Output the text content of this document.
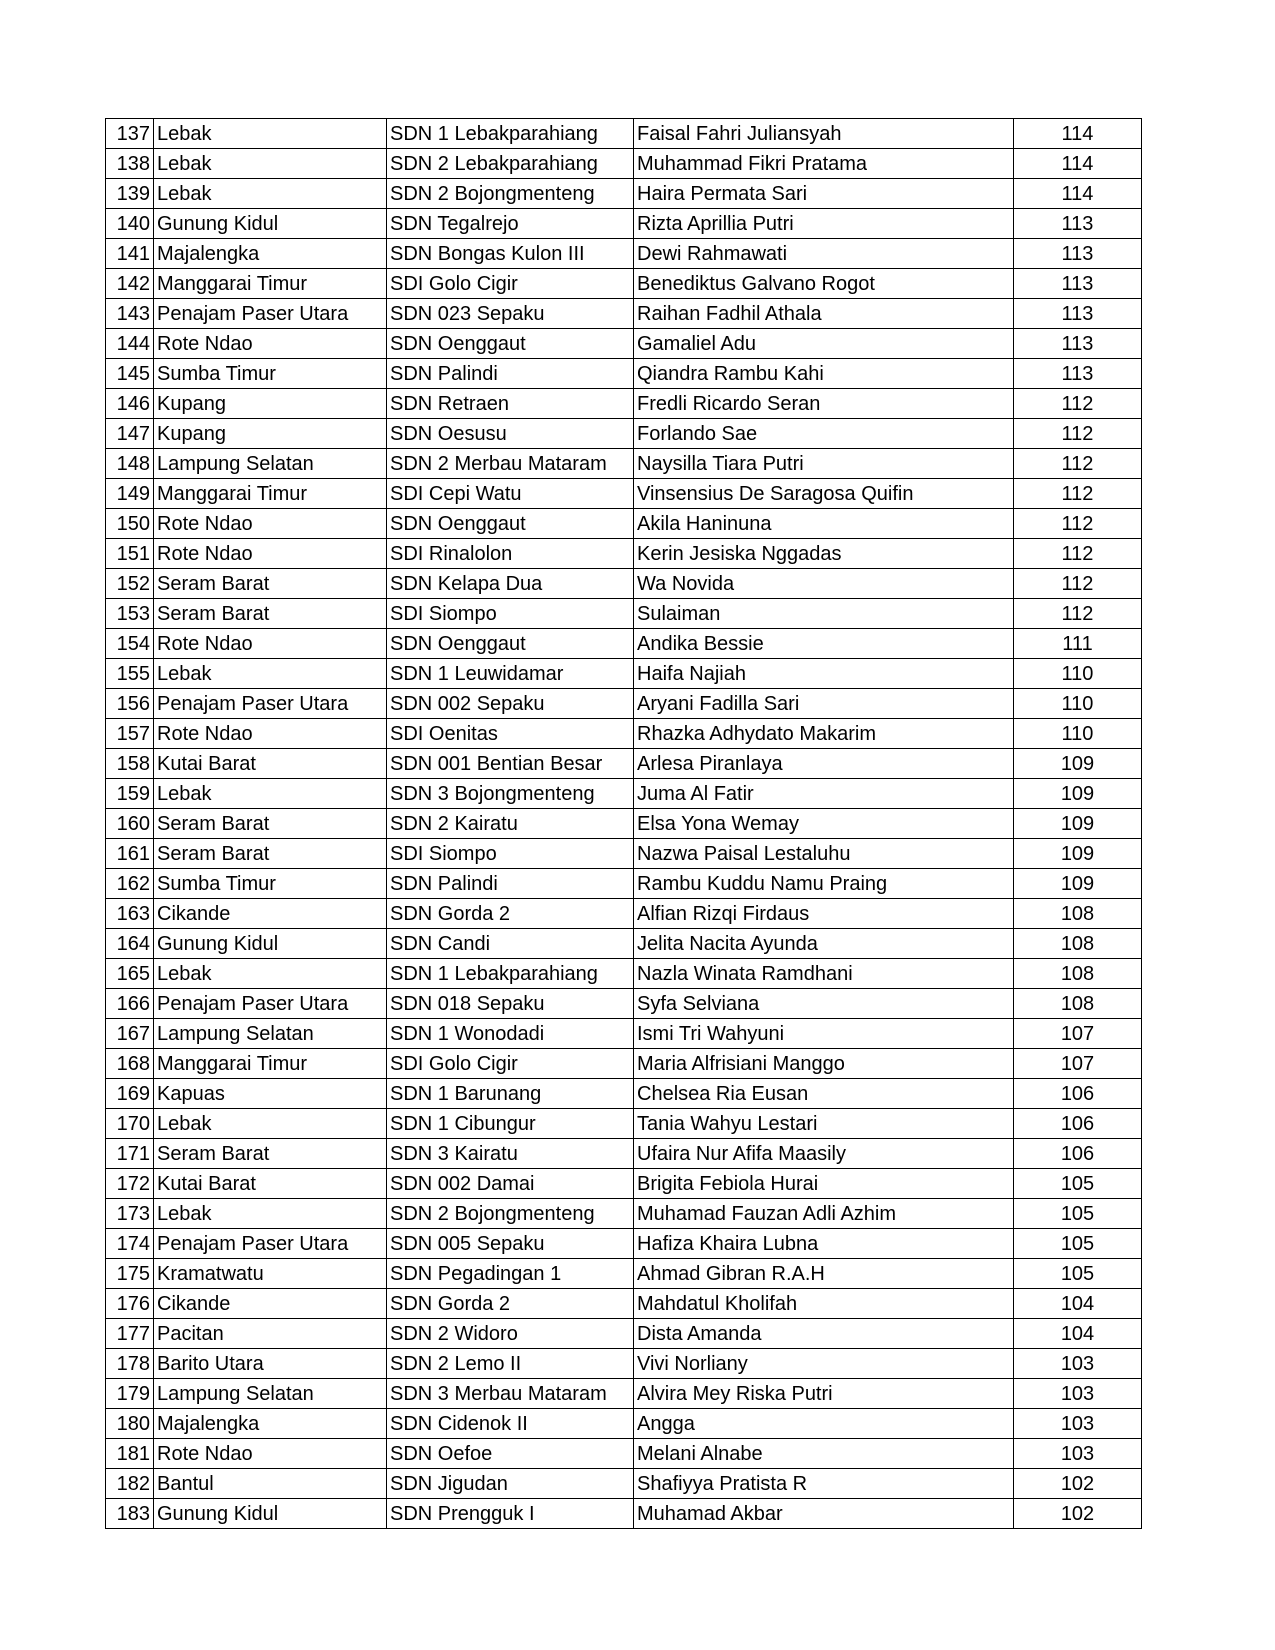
137	Lebak	SDN 1 Lebakparahiang	Faisal Fahri Juliansyah	114
138	Lebak	SDN 2 Lebakparahiang	Muhammad Fikri Pratama	114
139	Lebak	SDN 2 Bojongmenteng	Haira Permata Sari	114
140	Gunung Kidul	SDN Tegalrejo	Rizta Aprillia Putri	113
141	Majalengka	SDN Bongas Kulon III	Dewi Rahmawati	113
142	Manggarai Timur	SDI Golo Cigir	Benediktus Galvano Rogot	113
143	Penajam Paser Utara	SDN 023 Sepaku	Raihan Fadhil Athala	113
144	Rote Ndao	SDN Oenggaut	Gamaliel Adu	113
145	Sumba Timur	SDN Palindi	Qiandra Rambu Kahi	113
146	Kupang	SDN Retraen	Fredli Ricardo Seran	112
147	Kupang	SDN Oesusu	Forlando Sae	112
148	Lampung Selatan	SDN 2 Merbau Mataram	Naysilla Tiara Putri	112
149	Manggarai Timur	SDI Cepi Watu	Vinsensius De Saragosa Quifin	112
150	Rote Ndao	SDN Oenggaut	Akila Haninuna	112
151	Rote Ndao	SDI Rinalolon	Kerin Jesiska Nggadas	112
152	Seram Barat	SDN Kelapa Dua	Wa Novida	112
153	Seram Barat	SDI Siompo	Sulaiman	112
154	Rote Ndao	SDN Oenggaut	Andika Bessie	111
155	Lebak	SDN 1 Leuwidamar	Haifa Najiah	110
156	Penajam Paser Utara	SDN 002 Sepaku	Aryani Fadilla Sari	110
157	Rote Ndao	SDI Oenitas	Rhazka Adhydato Makarim	110
158	Kutai Barat	SDN 001 Bentian Besar	Arlesa Piranlaya	109
159	Lebak	SDN 3 Bojongmenteng	Juma Al Fatir	109
160	Seram Barat	SDN 2 Kairatu	Elsa Yona Wemay	109
161	Seram Barat	SDI Siompo	Nazwa Paisal Lestaluhu	109
162	Sumba Timur	SDN Palindi	Rambu Kuddu Namu Praing	109
163	Cikande	SDN Gorda 2	Alfian Rizqi Firdaus	108
164	Gunung Kidul	SDN Candi	Jelita Nacita Ayunda	108
165	Lebak	SDN 1 Lebakparahiang	Nazla Winata Ramdhani	108
166	Penajam Paser Utara	SDN 018 Sepaku	Syfa Selviana	108
167	Lampung Selatan	SDN 1 Wonodadi	Ismi Tri Wahyuni	107
168	Manggarai Timur	SDI Golo Cigir	Maria Alfrisiani Manggo	107
169	Kapuas	SDN 1 Barunang	Chelsea Ria Eusan	106
170	Lebak	SDN 1 Cibungur	Tania Wahyu Lestari	106
171	Seram Barat	SDN 3 Kairatu	Ufaira Nur Afifa Maasily	106
172	Kutai Barat	SDN 002 Damai	Brigita Febiola Hurai	105
173	Lebak	SDN 2 Bojongmenteng	Muhamad Fauzan Adli Azhim	105
174	Penajam Paser Utara	SDN 005 Sepaku	Hafiza Khaira Lubna	105
175	Kramatwatu	SDN Pegadingan 1	Ahmad Gibran R.A.H	105
176	Cikande	SDN Gorda 2	Mahdatul Kholifah	104
177	Pacitan	SDN 2 Widoro	Dista Amanda	104
178	Barito Utara	SDN 2 Lemo II	Vivi Norliany	103
179	Lampung Selatan	SDN 3 Merbau Mataram	Alvira Mey Riska Putri	103
180	Majalengka	SDN Cidenok II	Angga	103
181	Rote Ndao	SDN Oefoe	Melani Alnabe	103
182	Bantul	SDN Jigudan	Shafiyya Pratista R	102
183	Gunung Kidul	SDN Prengguk I	Muhamad Akbar	102
